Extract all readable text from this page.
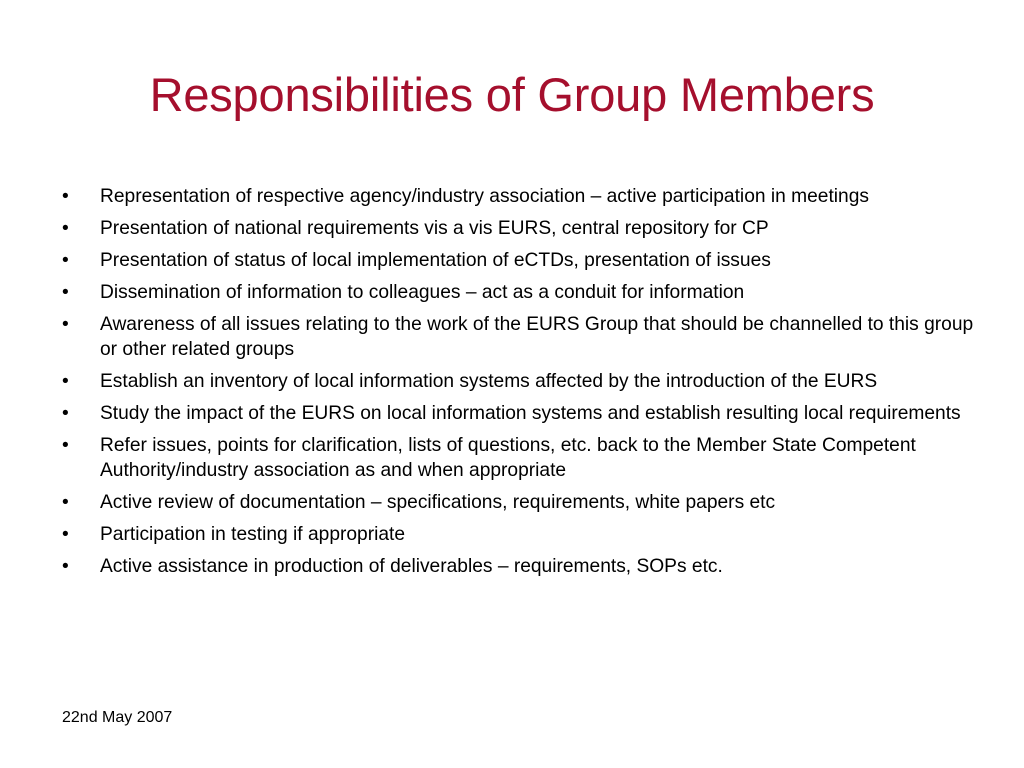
Responsibilities of Group Members
•	Representation of respective agency/industry association – active participation in meetings
•	Presentation of national requirements vis a vis EURS, central repository for CP
•	Presentation of status of local implementation of eCTDs, presentation of issues
•	Dissemination of information to colleagues – act as a conduit for information
•	Awareness of all issues relating to the work of the EURS Group that should be channelled to this group or other related groups
•	Establish an inventory of local information systems affected by the introduction of the EURS
•	Study the impact of the EURS on local information systems and establish resulting local requirements
•	Refer issues, points for clarification, lists of questions, etc. back to the Member State Competent Authority/industry association as and when appropriate
•	Active review of documentation – specifications, requirements, white papers etc
•	Participation in testing if appropriate
•	Active assistance in production of deliverables – requirements, SOPs etc.
22nd May 2007
